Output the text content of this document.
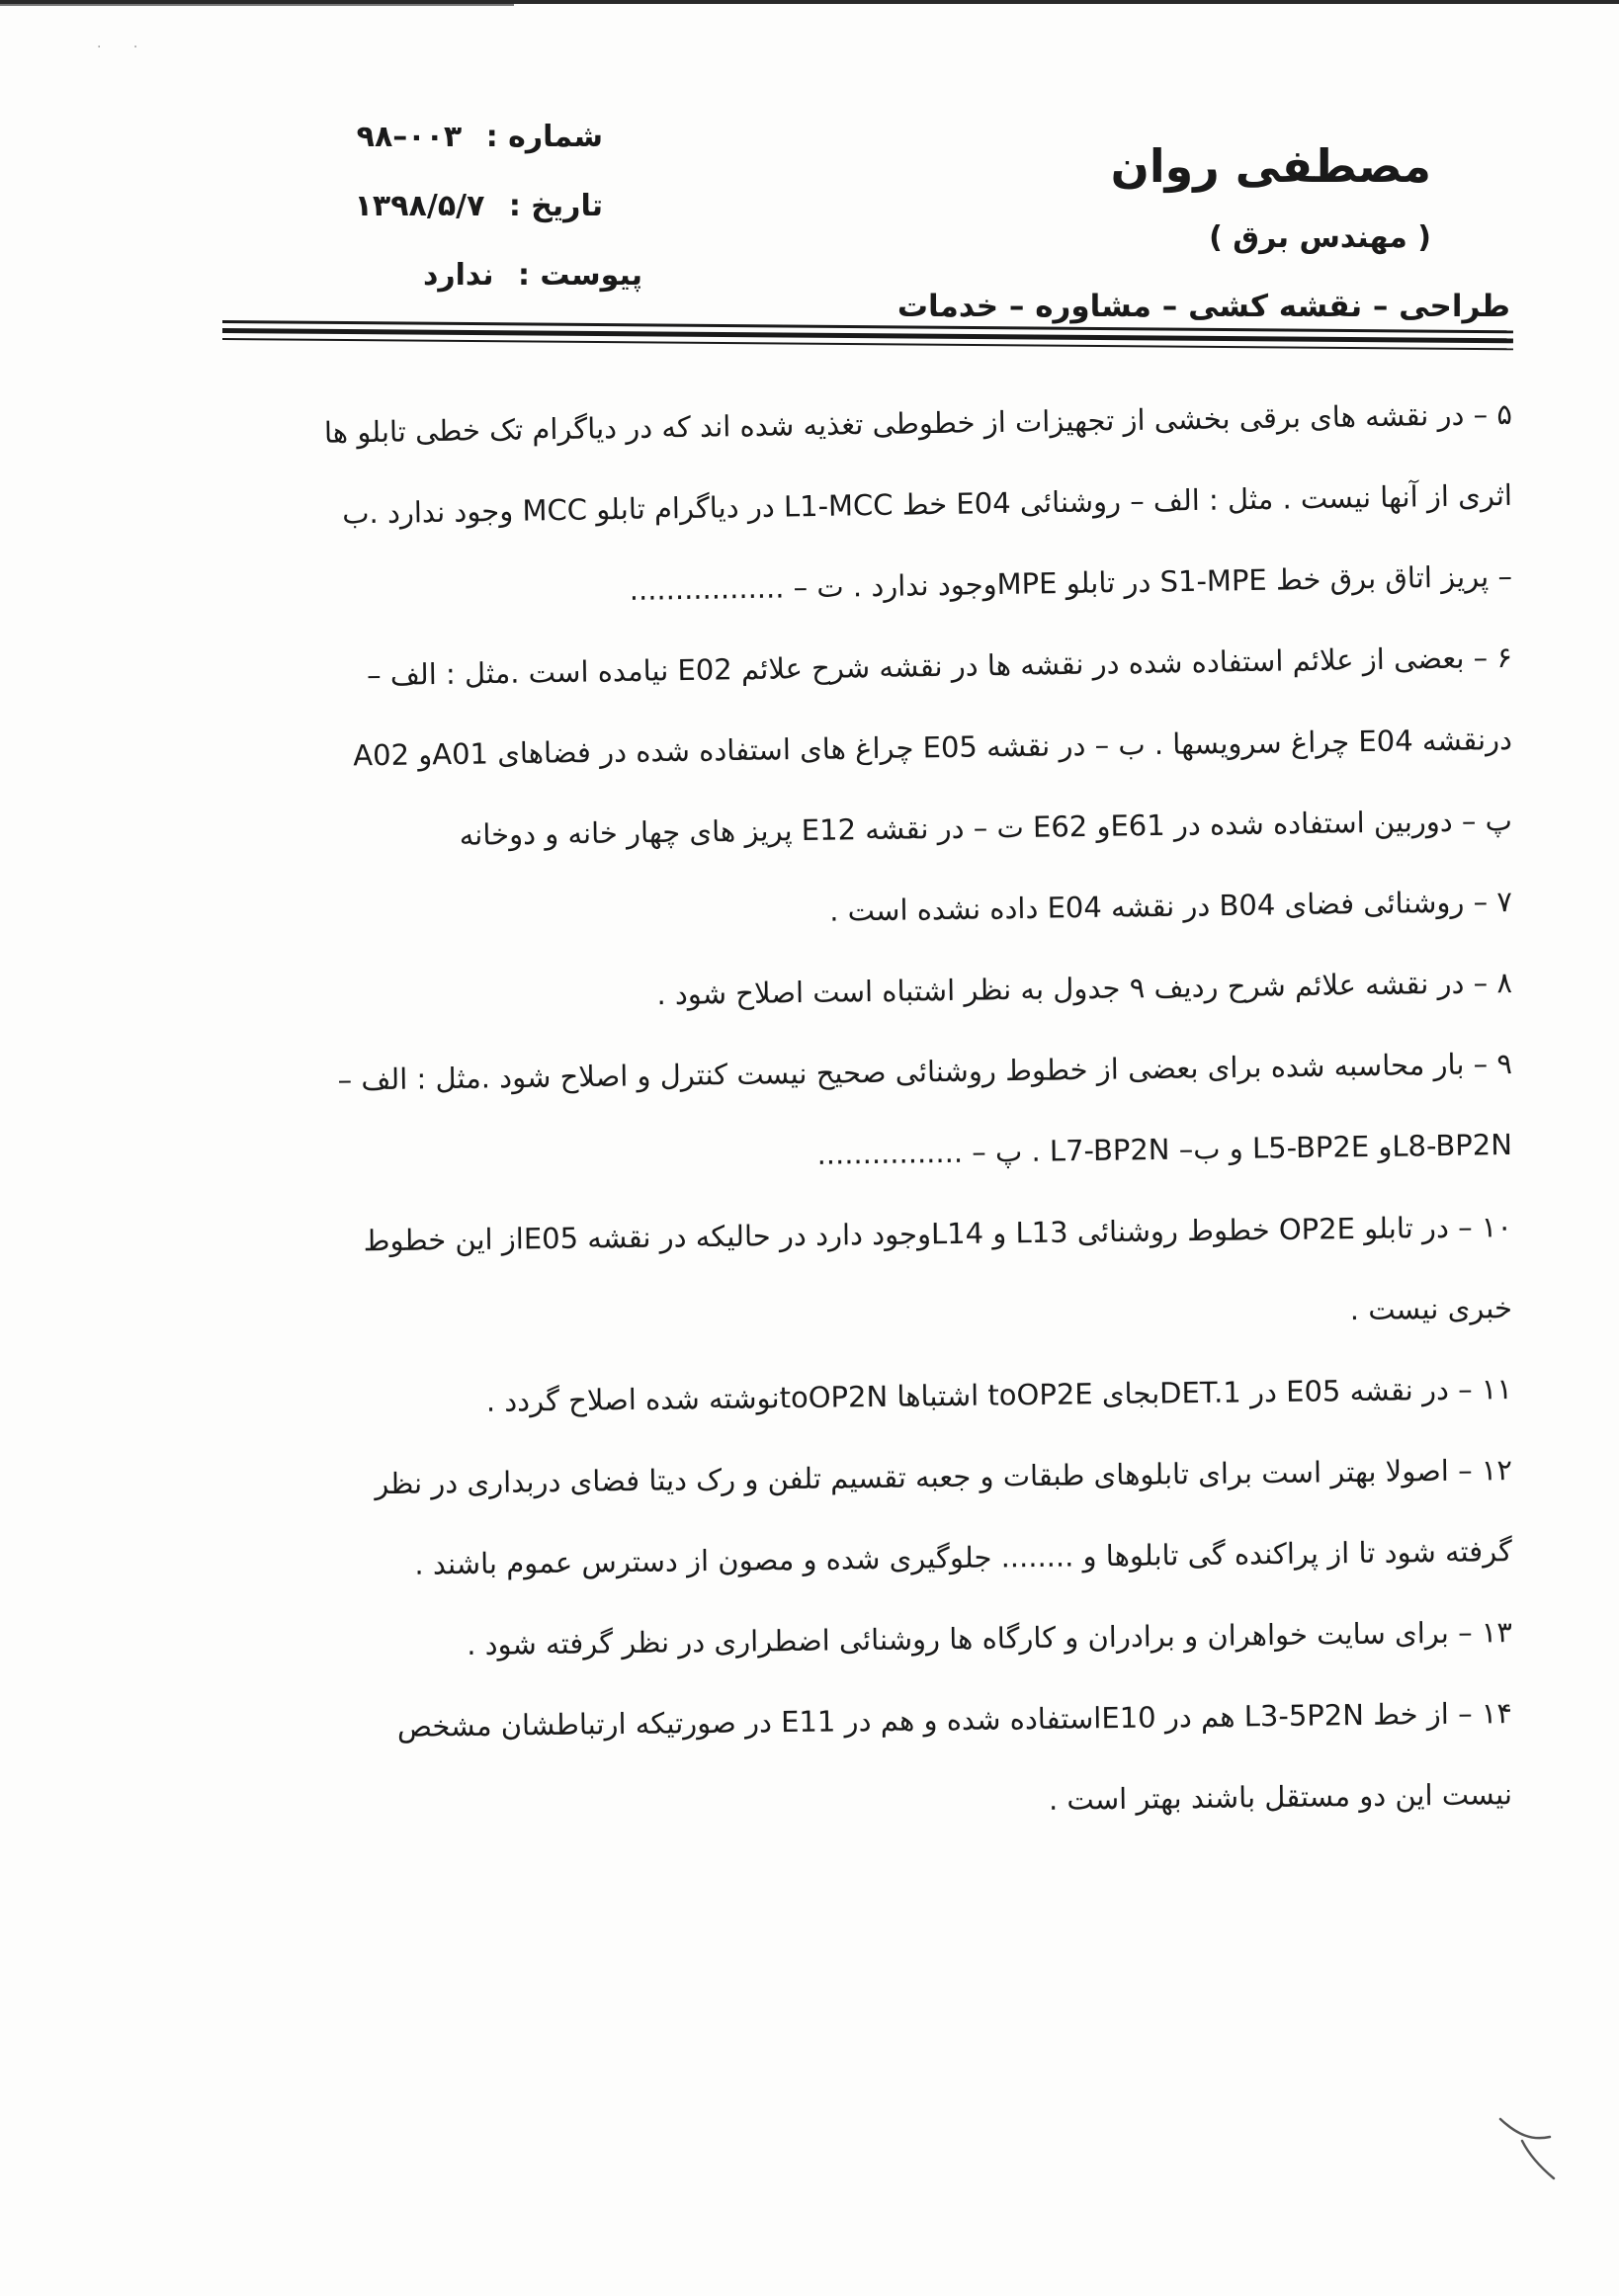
· ·
مصطفی روان
( مهندس برق )
طراحی – نقشه کشی – مشاوره – خدمات
شماره : ۰۰۳–۹۸
تاریخ : ۱۳۹۸/۵/۷
پیوست : ندارد
۵ – در نقشه های برقی بخشی از تجهیزات از خطوطی تغذیه شده اند که در دیاگرام تک خطی تابلو ها
اثری از آنها نیست . مثل : الف – روشنائی E04 خط L1-MCC در دیاگرام تابلو MCC وجود ندارد .ب
– پریز اتاق برق خط S1-MPE در تابلو MPEوجود ندارد . ت – .................
۶ – بعضی از علائم استفاده شده در نقشه ها در نقشه شرح علائم E02 نیامده است .مثل : الف –
درنقشه E04 چراغ سرویسها . ب – در نقشه E05 چراغ های استفاده شده در فضاهای A01و A02
پ – دوربین استفاده شده در E61و E62 ت – در نقشه E12 پریز های چهار خانه و دوخانه
۷ – روشنائی فضای B04 در نقشه E04 داده نشده است .
۸ – در نقشه علائم شرح ردیف ۹ جدول به نظر اشتباه است اصلاح شود .
۹ – بار محاسبه شده برای بعضی از خطوط روشنائی صحیح نیست کنترل و اصلاح شود .مثل : الف –
L8-BP2Nو L5-BP2E و ب– L7-BP2N . پ – ................
۱۰ – در تابلو OP2E خطوط روشنائی L13 و L14وجود دارد در حالیکه در نقشه E05از این خطوط
خبری نیست .
۱۱ – در نقشه E05 در DET.1بجای toOP2E اشتباها toOP2Nنوشته شده اصلاح گردد .
۱۲ – اصولا بهتر است برای تابلوهای طبقات و جعبه تقسیم تلفن و رک دیتا فضای دربداری در نظر
گرفته شود تا از پراکنده گی تابلوها و ........ جلوگیری شده و مصون از دسترس عموم باشند .
۱۳ – برای سایت خواهران و برادران و کارگاه ها روشنائی اضطراری در نظر گرفته شود .
۱۴ – از خط L3-5P2N هم در E10استفاده شده و هم در E11 در صورتیکه ارتباطشان مشخص
نیست این دو مستقل باشند بهتر است .
